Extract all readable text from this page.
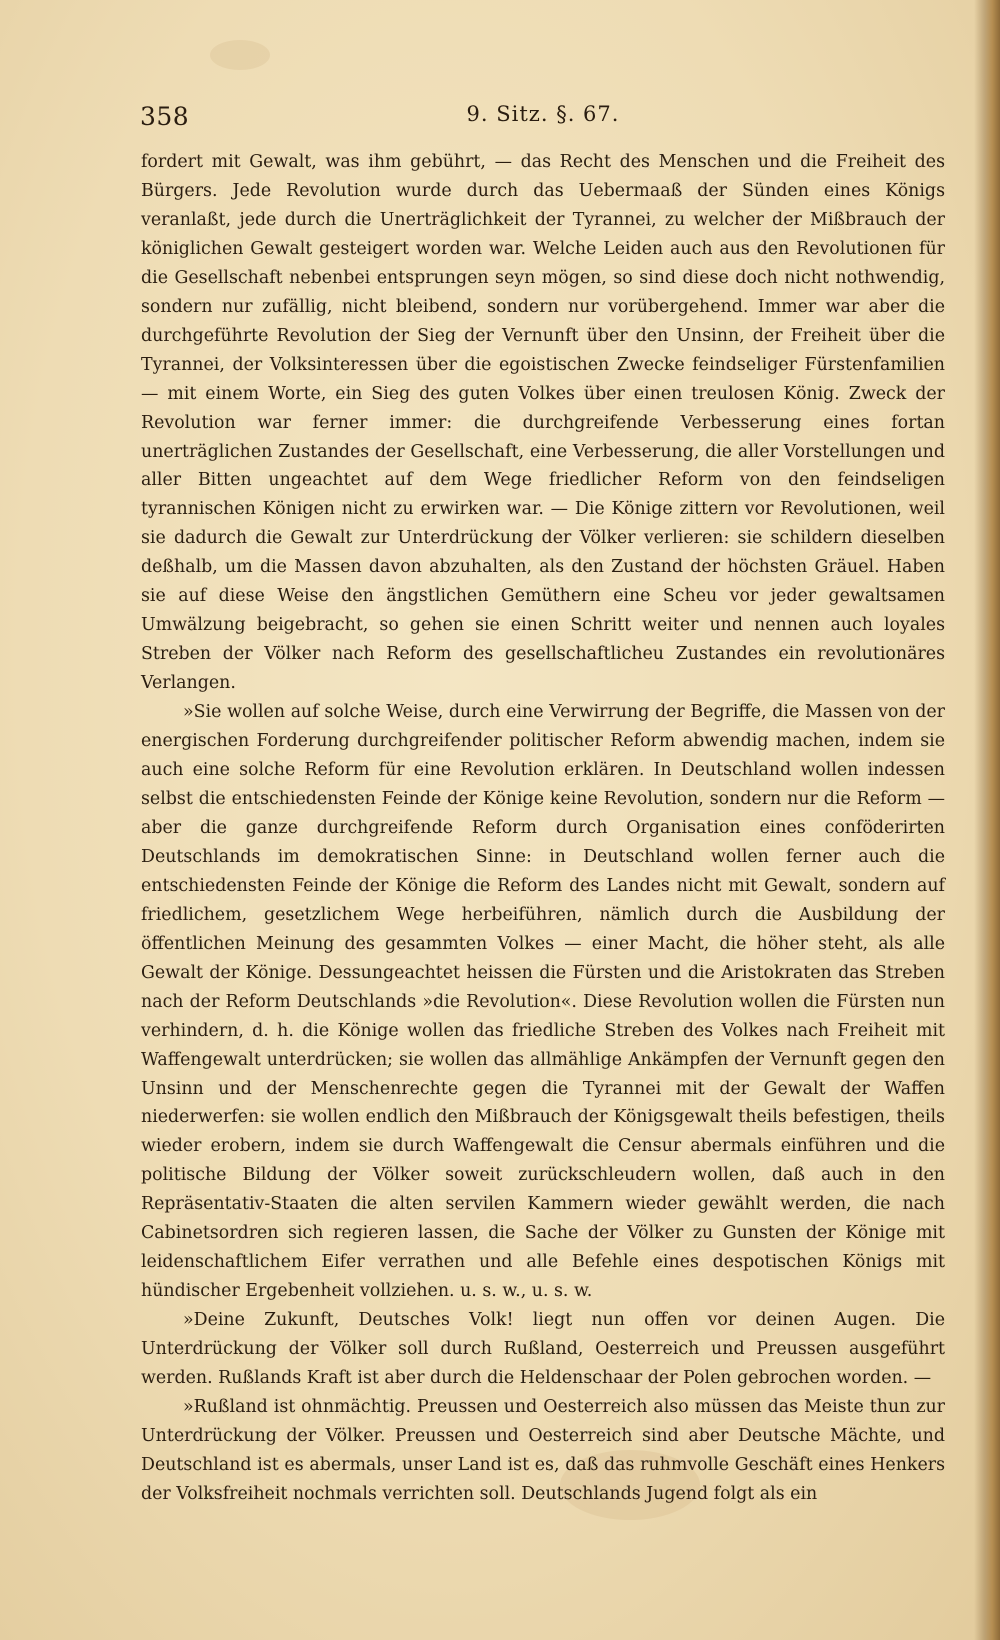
358	9. Sitz. §. 67.

fordert mit Gewalt, was ihm gebührt, — das Recht des Menschen und die Freiheit des Bürgers. Jede Revolution wurde durch das Uebermaaß der Sünden eines Königs veranlaßt, jede durch die Unerträglichkeit der Tyrannei, zu welcher der Mißbrauch der königlichen Gewalt gesteigert worden war. Welche Leiden auch aus den Revolutionen für die Gesellschaft nebenbei entsprungen seyn mögen, so sind diese doch nicht nothwendig, sondern nur zufällig, nicht bleibend, sondern nur vorübergehend. Immer war aber die durchgeführte Revolution der Sieg der Vernunft über den Unsinn, der Freiheit über die Tyrannei, der Volksinteressen über die egoistischen Zwecke feindseliger Fürstenfamilien — mit einem Worte, ein Sieg des guten Volkes über einen treulosen König. Zweck der Revolution war ferner immer: die durchgreifende Verbesserung eines fortan unerträglichen Zustandes der Gesellschaft, eine Verbesserung, die aller Vorstellungen und aller Bitten ungeachtet auf dem Wege friedlicher Reform von den feindseligen tyrannischen Königen nicht zu erwirken war. — Die Könige zittern vor Revolutionen, weil sie dadurch die Gewalt zur Unterdrückung der Völker verlieren: sie schildern dieselben deßhalb, um die Massen davon abzuhalten, als den Zustand der höchsten Gräuel. Haben sie auf diese Weise den ängstlichen Gemüthern eine Scheu vor jeder gewaltsamen Umwälzung beigebracht, so gehen sie einen Schritt weiter und nennen auch loyales Streben der Völker nach Reform des gesellschaftlicheu Zustandes ein revolutionäres Verlangen.

»Sie wollen auf solche Weise, durch eine Verwirrung der Begriffe, die Massen von der energischen Forderung durchgreifender politischer Reform abwendig machen, indem sie auch eine solche Reform für eine Revolution erklären. In Deutschland wollen indessen selbst die entschiedensten Feinde der Könige keine Revolution, sondern nur die Reform — aber die ganze durchgreifende Reform durch Organisation eines conföderirten Deutschlands im demokratischen Sinne: in Deutschland wollen ferner auch die entschiedensten Feinde der Könige die Reform des Landes nicht mit Gewalt, sondern auf friedlichem, gesetzlichem Wege herbeiführen, nämlich durch die Ausbildung der öffentlichen Meinung des gesammten Volkes — einer Macht, die höher steht, als alle Gewalt der Könige. Dessungeachtet heissen die Fürsten und die Aristokraten das Streben nach der Reform Deutschlands »die Revolution«. Diese Revolution wollen die Fürsten nun verhindern, d. h. die Könige wollen das friedliche Streben des Volkes nach Freiheit mit Waffengewalt unterdrücken; sie wollen das allmählige Ankämpfen der Vernunft gegen den Unsinn und der Menschenrechte gegen die Tyrannei mit der Gewalt der Waffen niederwerfen: sie wollen endlich den Mißbrauch der Königsgewalt theils befestigen, theils wieder erobern, indem sie durch Waffengewalt die Censur abermals einführen und die politische Bildung der Völker soweit zurückschleudern wollen, daß auch in den Repräsentativ-Staaten die alten servilen Kammern wieder gewählt werden, die nach Cabinetsordren sich regieren lassen, die Sache der Völker zu Gunsten der Könige mit leidenschaftlichem Eifer verrathen und alle Befehle eines despotischen Königs mit hündischer Ergebenheit vollziehen. u. s. w., u. s. w.

»Deine Zukunft, Deutsches Volk! liegt nun offen vor deinen Augen. Die Unterdrückung der Völker soll durch Rußland, Oesterreich und Preussen ausgeführt werden. Rußlands Kraft ist aber durch die Heldenschaar der Polen gebrochen worden. —

»Rußland ist ohnmächtig. Preussen und Oesterreich also müssen das Meiste thun zur Unterdrückung der Völker. Preussen und Oesterreich sind aber Deutsche Mächte, und Deutschland ist es abermals, unser Land ist es, daß das ruhmvolle Geschäft eines Henkers der Volksfreiheit nochmals verrichten soll. Deutschlands Jugend folgt als ein
